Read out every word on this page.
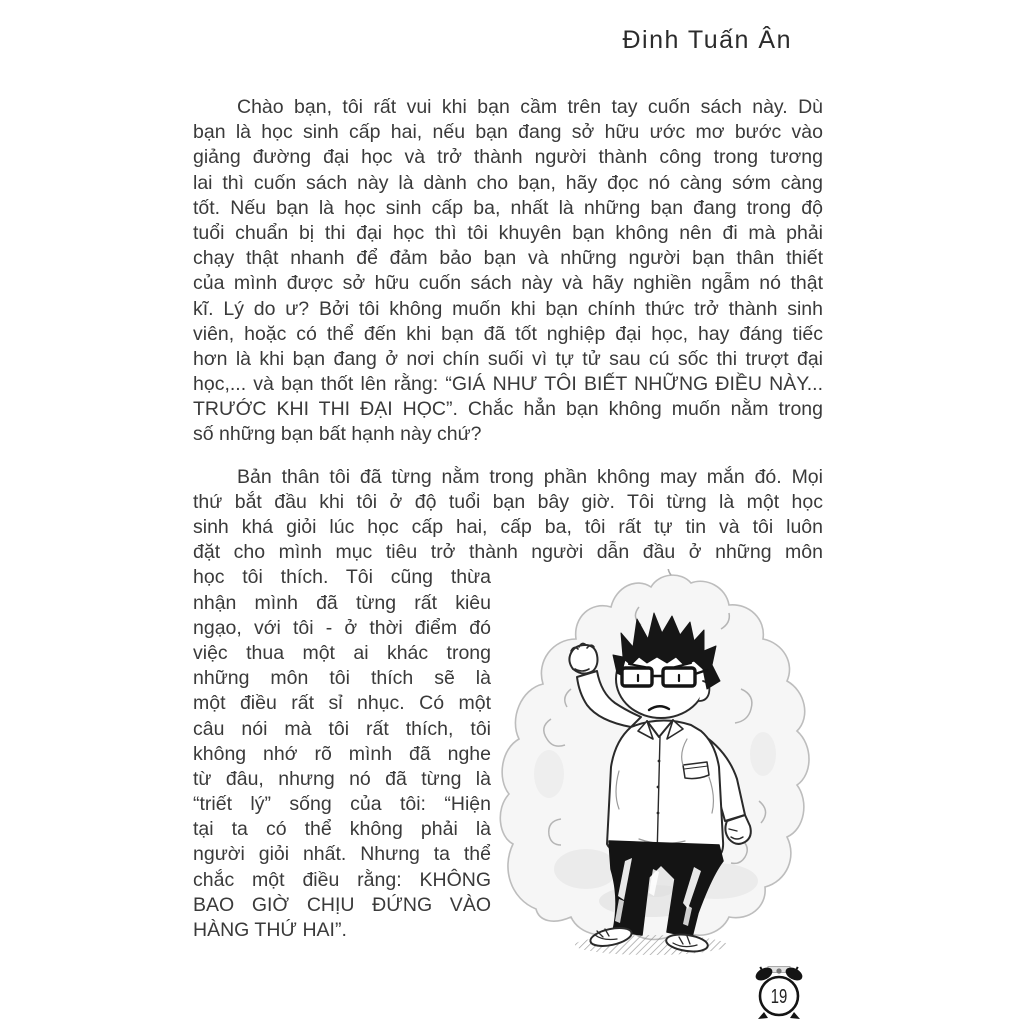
Đinh Tuấn Ân
Chào bạn, tôi rất vui khi bạn cầm trên tay cuốn sách này. Dù
bạn là học sinh cấp hai, nếu bạn đang sở hữu ước mơ bước vào
giảng đường đại học và trở thành người thành công trong tương
lai thì cuốn sách này là dành cho bạn, hãy đọc nó càng sớm càng
tốt. Nếu bạn là học sinh cấp ba, nhất là những bạn đang trong độ
tuổi chuẩn bị thi đại học thì tôi khuyên bạn không nên đi mà phải
chạy thật nhanh để đảm bảo bạn và những người bạn thân thiết
của mình được sở hữu cuốn sách này và hãy nghiền ngẫm nó thật
kĩ. Lý do ư? Bởi tôi không muốn khi bạn chính thức trở thành sinh
viên, hoặc có thể đến khi bạn đã tốt nghiệp đại học, hay đáng tiếc
hơn là khi bạn đang ở nơi chín suối vì tự tử sau cú sốc thi trượt đại
học,... và bạn thốt lên rằng: “GIÁ NHƯ TÔI BIẾT NHỮNG ĐIỀU NÀY...
TRƯỚC KHI THI ĐẠI HỌC”. Chắc hẳn bạn không muốn nằm trong
số những bạn bất hạnh này chứ?
Bản thân tôi đã từng nằm trong phần không may mắn đó. Mọi
thứ bắt đầu khi tôi ở độ tuổi bạn bây giờ. Tôi từng là một học
sinh khá giỏi lúc học cấp hai, cấp ba, tôi rất tự tin và tôi luôn
đặt cho mình mục tiêu trở thành người dẫn đầu ở những môn
học tôi thích. Tôi cũng thừa
nhận mình đã từng rất kiêu
ngạo, với tôi - ở thời điểm đó
việc thua một ai khác trong
những môn tôi thích sẽ là
một điều rất sỉ nhục. Có một
câu nói mà tôi rất thích, tôi
không nhớ rõ mình đã nghe
từ đâu, nhưng nó đã từng là
“triết lý” sống của tôi: “Hiện
tại ta có thể không phải là
người giỏi nhất. Nhưng ta thể
chắc một điều rằng: KHÔNG
BAO GIỜ CHỊU ĐỨNG VÀO
HÀNG THỨ HAI”.
19
